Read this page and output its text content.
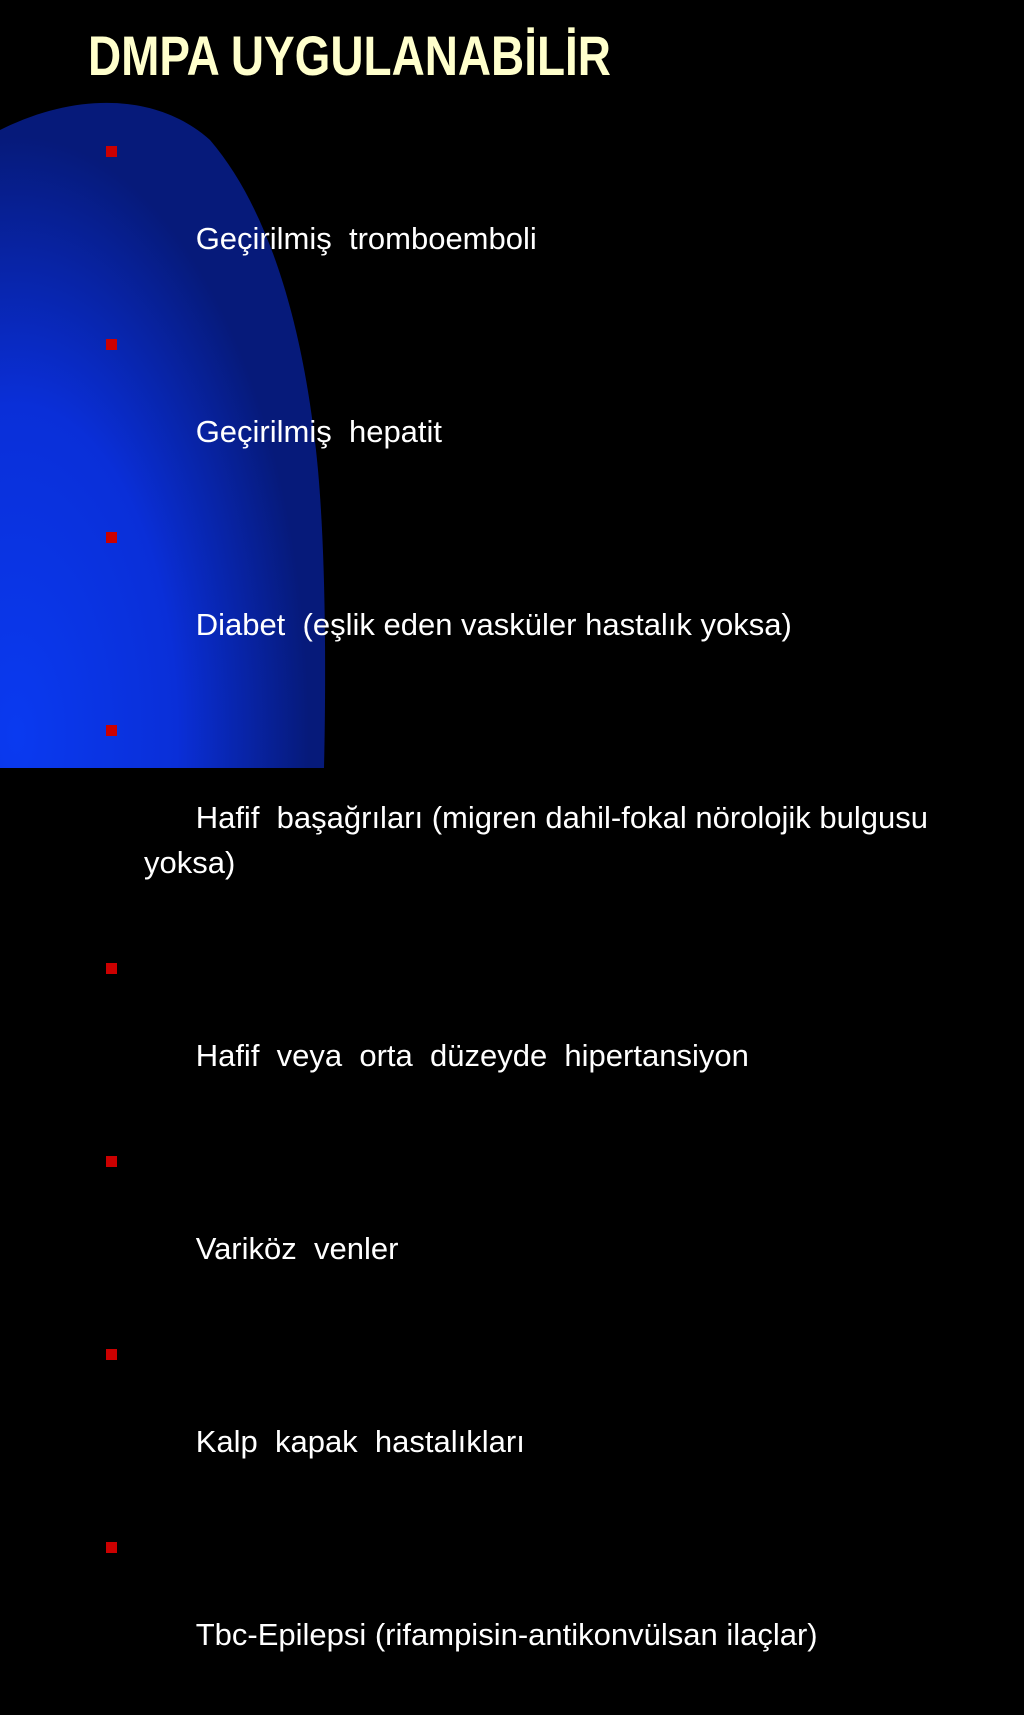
DMPA UYGULANABİLİR

Geçirilmiş  tromboemboli

Geçirilmiş  hepatit

Diabet  (eşlik eden vasküler hastalık yoksa)

Hafif  başağrıları (migren dahil-fokal nörolojik bulgusu yoksa)

Hafif  veya  orta  düzeyde  hipertansiyon

Variköz  venler

Kalp  kapak  hastalıkları

Tbc-Epilepsi (rifampisin-antikonvülsan ilaçlar)
